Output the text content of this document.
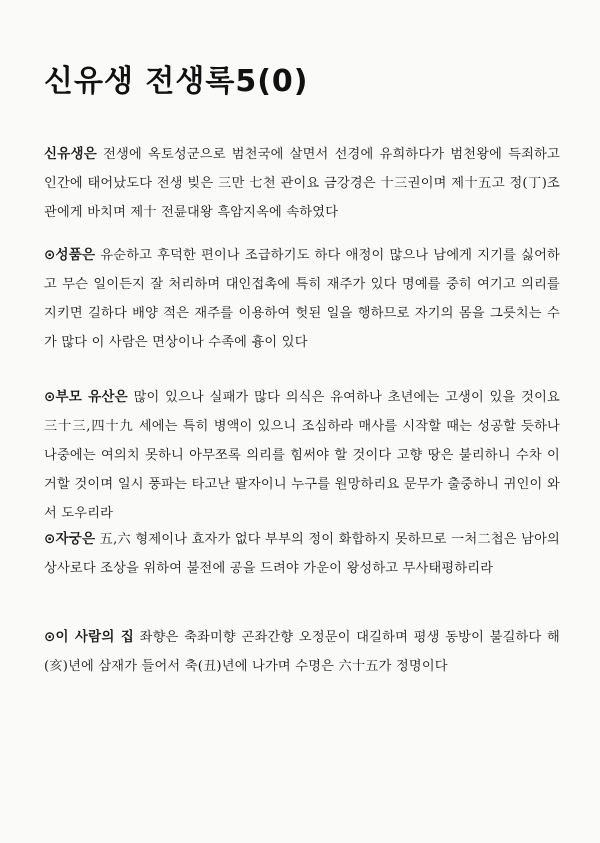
신유생 전생록5(0)

신유생은 전생에 옥토성군으로 범천국에 살면서 선경에 유희하다가 범천왕에 득죄하고 인간에 태어났도다 전생 빚은 三만 七천 관이요 금강경은 十三권이며 제十五고 정(丁)조관에게 바치며 제十 전륜대왕 흑암지옥에 속하였다

⊙성품은 유순하고 후덕한 편이나 조급하기도 하다 애정이 많으나 남에게 지기를 싫어하고 무슨 일이든지 잘 처리하며 대인접촉에 특히 재주가 있다 명예를 중히 여기고 의리를 지키면 길하다 배양 적은 재주를 이용하여 헛된 일을 행하므로 자기의 몸을 그릇치는 수가 많다 이 사람은 면상이나 수족에 흉이 있다

⊙부모 유산은 많이 있으나 실패가 많다 의식은 유여하나 초년에는 고생이 있을 것이요 三十三,四十九 세에는 특히 병액이 있으니 조심하라 매사를 시작할 때는 성공할 듯하나 나중에는 여의치 못하니 아무쪼록 의리를 힘써야 할 것이다 고향 땅은 불리하니 수차 이거할 것이며 일시 풍파는 타고난 팔자이니 누구를 원망하리요 문무가 출중하니 귀인이 와서 도우리라

⊙자궁은 五,六 형제이나 효자가 없다 부부의 정이 화합하지 못하므로 一처二첩은 남아의 상사로다 조상을 위하여 불전에 공을 드려야 가운이 왕성하고 무사태평하리라

⊙이 사람의 집 좌향은 축좌미향 곤좌간향 오정문이 대길하며 평생 동방이 불길하다 해(亥)년에 삼재가 들어서 축(丑)년에 나가며 수명은 六十五가 정명이다
